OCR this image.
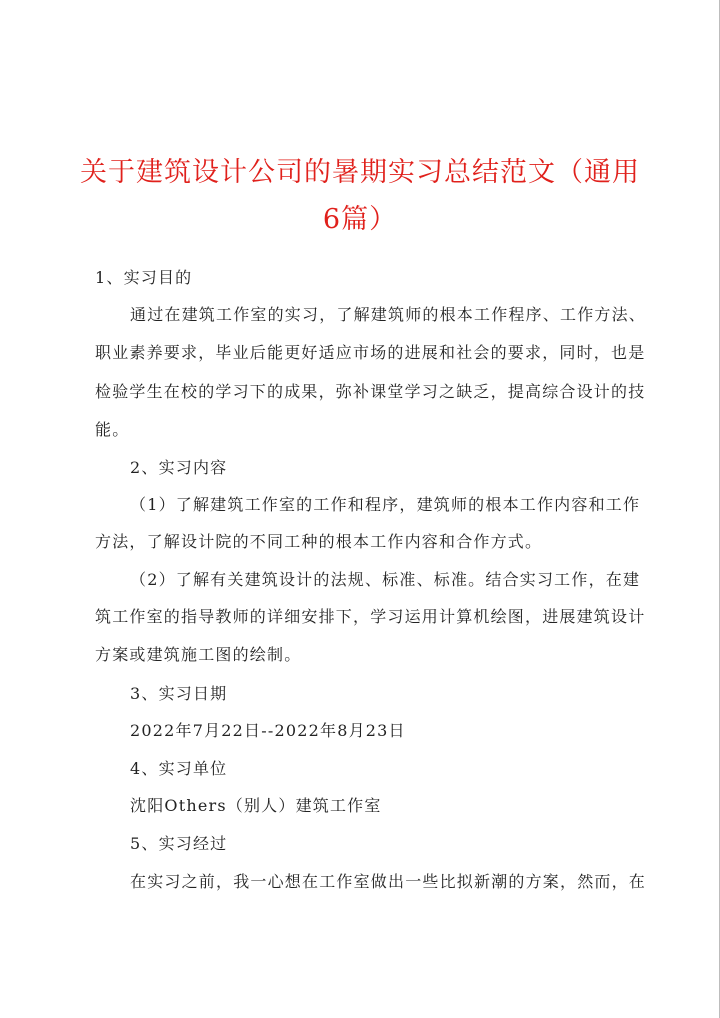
关于建筑设计公司的暑期实习总结范文（通用
6篇）
1、实习目的
通过在建筑工作室的实习，了解建筑师的根本工作程序、工作方法、
职业素养要求，毕业后能更好适应市场的进展和社会的要求，同时，也是
检验学生在校的学习下的成果，弥补课堂学习之缺乏，提高综合设计的技
能。
2、实习内容
（1）了解建筑工作室的工作和程序，建筑师的根本工作内容和工作
方法，了解设计院的不同工种的根本工作内容和合作方式。
（2）了解有关建筑设计的法规、标准、标准。结合实习工作，在建
筑工作室的指导教师的详细安排下，学习运用计算机绘图，进展建筑设计
方案或建筑施工图的绘制。
3、实习日期
2022年7月22日--2022年8月23日
4、实习单位
沈阳Others（别人）建筑工作室
5、实习经过
在实习之前，我一心想在工作室做出一些比拟新潮的方案，然而，在
